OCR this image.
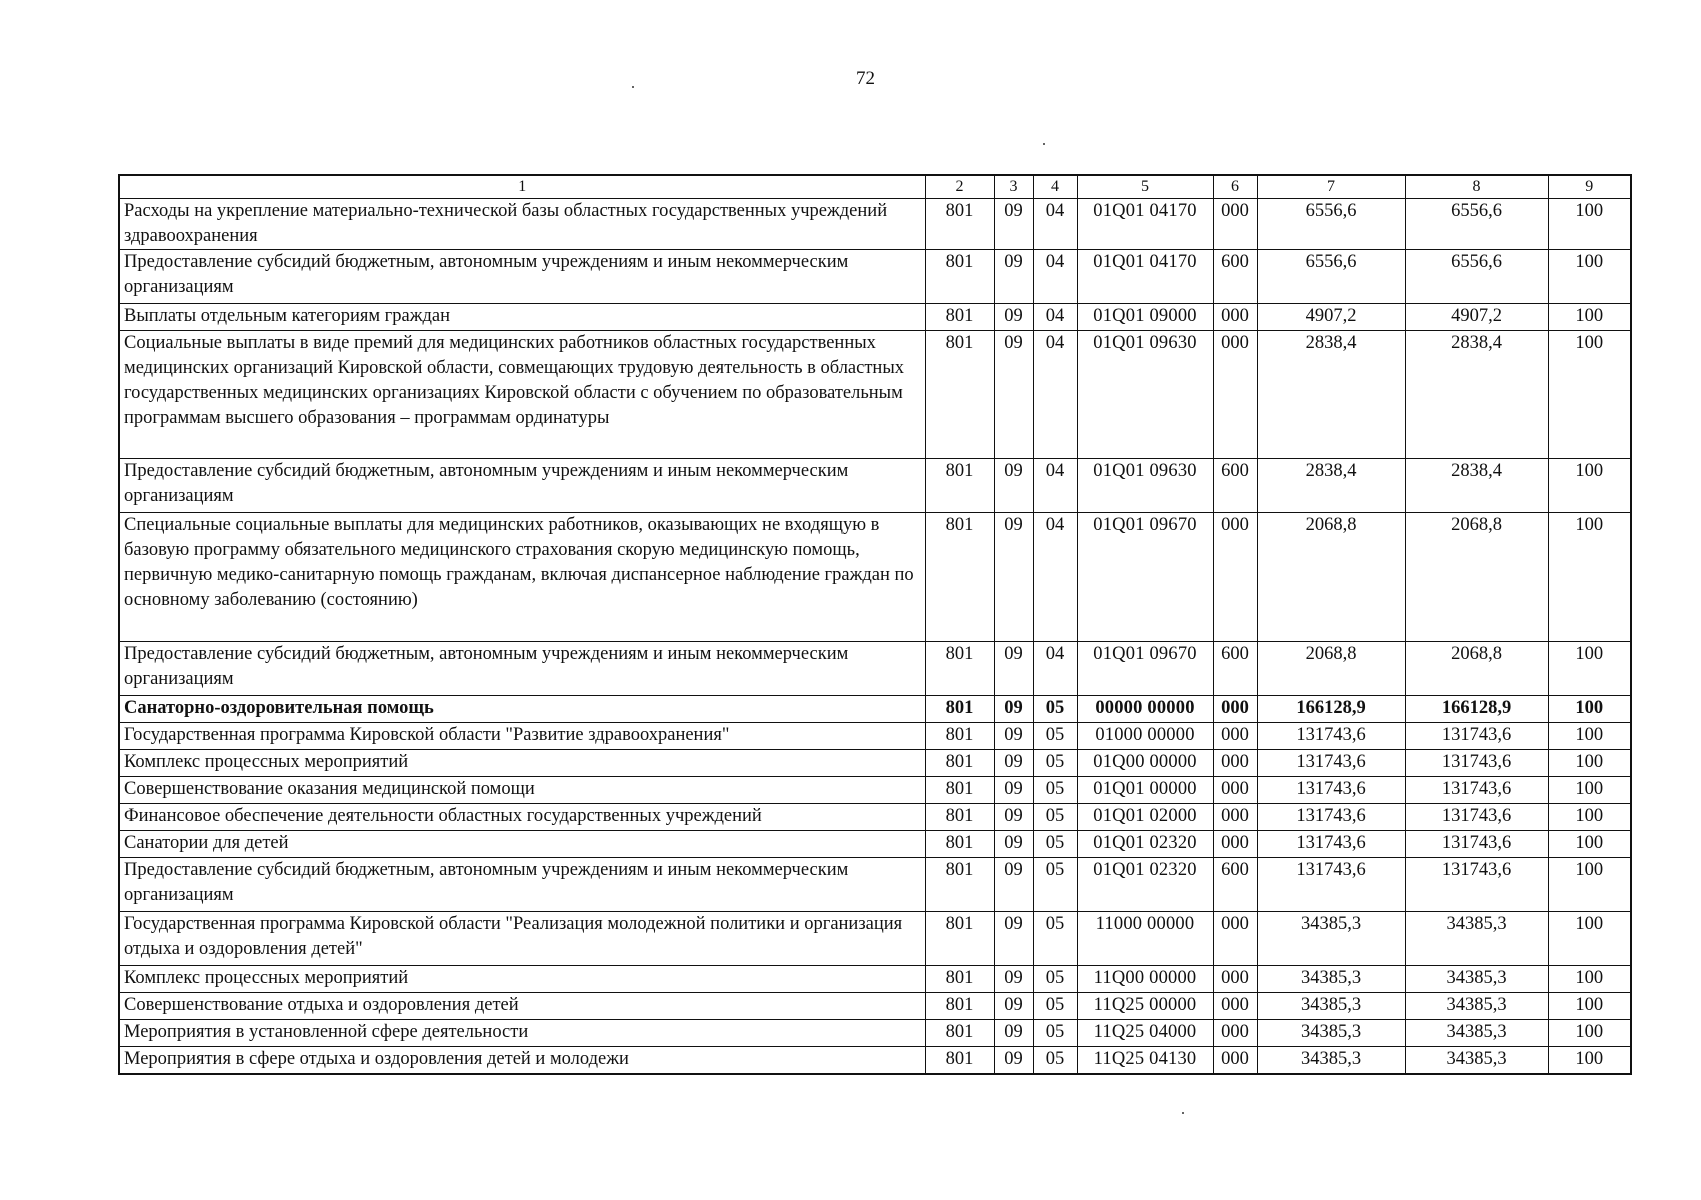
72
1	2	3	4	5	6	7	8	9
Расходы на укрепление материально-технической базы областных государственных учреждений здравоохранения	801	09	04	01Q01 04170	000	6556,6	6556,6	100
Предоставление субсидий бюджетным, автономным учреждениям и иным некоммерческим организациям	801	09	04	01Q01 04170	600	6556,6	6556,6	100
Выплаты отдельным категориям граждан	801	09	04	01Q01 09000	000	4907,2	4907,2	100
Социальные выплаты в виде премий для медицинских работников областных государственных медицинских организаций Кировской области, совмещающих трудовую деятельность в областных государственных медицинских организациях Кировской области с обучением по образовательным программам высшего образования – программам ординатуры	801	09	04	01Q01 09630	000	2838,4	2838,4	100
Предоставление субсидий бюджетным, автономным учреждениям и иным некоммерческим организациям	801	09	04	01Q01 09630	600	2838,4	2838,4	100
Специальные социальные выплаты для медицинских работников, оказывающих не входящую в базовую программу обязательного медицинского страхования скорую медицинскую помощь, первичную медико-санитарную помощь гражданам, включая диспансерное наблюдение граждан по основному заболеванию (состоянию)	801	09	04	01Q01 09670	000	2068,8	2068,8	100
Предоставление субсидий бюджетным, автономным учреждениям и иным некоммерческим организациям	801	09	04	01Q01 09670	600	2068,8	2068,8	100
Санаторно-оздоровительная помощь	801	09	05	00000 00000	000	166128,9	166128,9	100
Государственная программа Кировской области "Развитие здравоохранения"	801	09	05	01000 00000	000	131743,6	131743,6	100
Комплекс процессных мероприятий	801	09	05	01Q00 00000	000	131743,6	131743,6	100
Совершенствование оказания медицинской помощи	801	09	05	01Q01 00000	000	131743,6	131743,6	100
Финансовое обеспечение деятельности областных государственных учреждений	801	09	05	01Q01 02000	000	131743,6	131743,6	100
Санатории для детей	801	09	05	01Q01 02320	000	131743,6	131743,6	100
Предоставление субсидий бюджетным, автономным учреждениям и иным некоммерческим организациям	801	09	05	01Q01 02320	600	131743,6	131743,6	100
Государственная программа Кировской области "Реализация молодежной политики и организация отдыха и оздоровления детей"	801	09	05	11000 00000	000	34385,3	34385,3	100
Комплекс процессных мероприятий	801	09	05	11Q00 00000	000	34385,3	34385,3	100
Совершенствование отдыха и оздоровления детей	801	09	05	11Q25 00000	000	34385,3	34385,3	100
Мероприятия в установленной сфере деятельности	801	09	05	11Q25 04000	000	34385,3	34385,3	100
Мероприятия в сфере отдыха и оздоровления детей и молодежи	801	09	05	11Q25 04130	000	34385,3	34385,3	100
